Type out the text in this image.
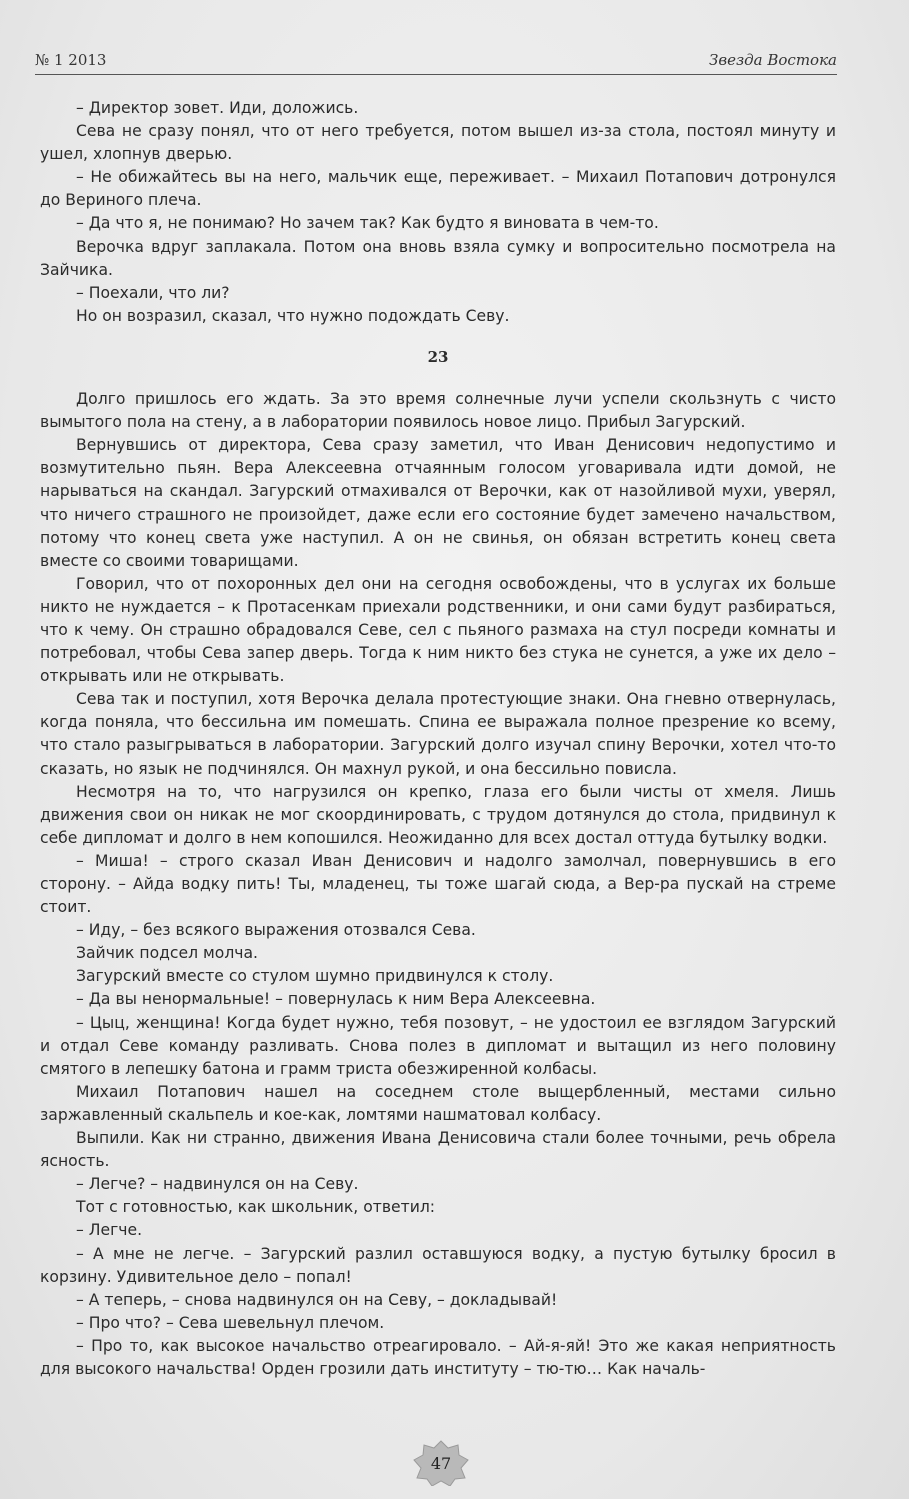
№ 1 2013	Звезда Востока

– Директор зовет. Иди, доложись.

Сева не сразу понял, что от него требуется, потом вышел из-за стола, постоял минуту и ушел, хлопнув дверью.

– Не обижайтесь вы на него, мальчик еще, переживает. – Михаил Потапович дотронулся до Вериного плеча.

– Да что я, не понимаю? Но зачем так? Как будто я виновата в чем-то.

Верочка вдруг заплакала. Потом она вновь взяла сумку и вопросительно посмотрела на Зайчика.

– Поехали, что ли?

Но он возразил, сказал, что нужно подождать Севу.

23

Долго пришлось его ждать. За это время солнечные лучи успели скользнуть с чисто вымытого пола на стену, а в лаборатории появилось новое лицо. Прибыл Загурский.

Вернувшись от директора, Сева сразу заметил, что Иван Денисович недопустимо и возмутительно пьян. Вера Алексеевна отчаянным голосом уговаривала идти домой, не нарываться на скандал. Загурский отмахивался от Верочки, как от назойливой мухи, уверял, что ничего страшного не произойдет, даже если его состояние будет замечено начальством, потому что конец света уже наступил. А он не свинья, он обязан встретить конец света вместе со своими товарищами.

Говорил, что от похоронных дел они на сегодня освобождены, что в услугах их больше никто не нуждается – к Протасенкам приехали родственники, и они сами будут разбираться, что к чему. Он страшно обрадовался Севе, сел с пьяного размаха на стул посреди комнаты и потребовал, чтобы Сева запер дверь. Тогда к ним никто без стука не сунется, а уже их дело – открывать или не открывать.

Сева так и поступил, хотя Верочка делала протестующие знаки. Она гневно отвернулась, когда поняла, что бессильна им помешать. Спина ее выражала полное презрение ко всему, что стало разыгрываться в лаборатории. Загурский долго изучал спину Верочки, хотел что-то сказать, но язык не подчинялся. Он махнул рукой, и она бессильно повисла.

Несмотря на то, что нагрузился он крепко, глаза его были чисты от хмеля. Лишь движения свои он никак не мог скоординировать, с трудом дотянулся до стола, придвинул к себе дипломат и долго в нем копошился. Неожиданно для всех достал оттуда бутылку водки.

– Миша! – строго сказал Иван Денисович и надолго замолчал, повернувшись в его сторону. – Айда водку пить! Ты, младенец, ты тоже шагай сюда, а Вер-ра пускай на стреме стоит.

– Иду, – без всякого выражения отозвался Сева.

Зайчик подсел молча.

Загурский вместе со стулом шумно придвинулся к столу.

– Да вы ненормальные! – повернулась к ним Вера Алексеевна.

– Цыц, женщина! Когда будет нужно, тебя позовут, – не удостоил ее взглядом Загурский и отдал Севе команду разливать. Снова полез в дипломат и вытащил из него половину смятого в лепешку батона и грамм триста обезжиренной колбасы.

Михаил Потапович нашел на соседнем столе выщербленный, местами сильно заржавленный скальпель и кое-как, ломтями нашматовал колбасу.

Выпили. Как ни странно, движения Ивана Денисовича стали более точными, речь обрела ясность.

– Легче? – надвинулся он на Севу.

Тот с готовностью, как школьник, ответил:

– Легче.

– А мне не легче. – Загурский разлил оставшуюся водку, а пустую бутылку бросил в корзину. Удивительное дело – попал!

– А теперь, – снова надвинулся он на Севу, – докладывай!

– Про что? – Сева шевельнул плечом.

– Про то, как высокое начальство отреагировало. – Ай-я-яй! Это же какая неприятность для высокого начальства! Орден грозили дать институту – тю-тю… Как началь-

47
